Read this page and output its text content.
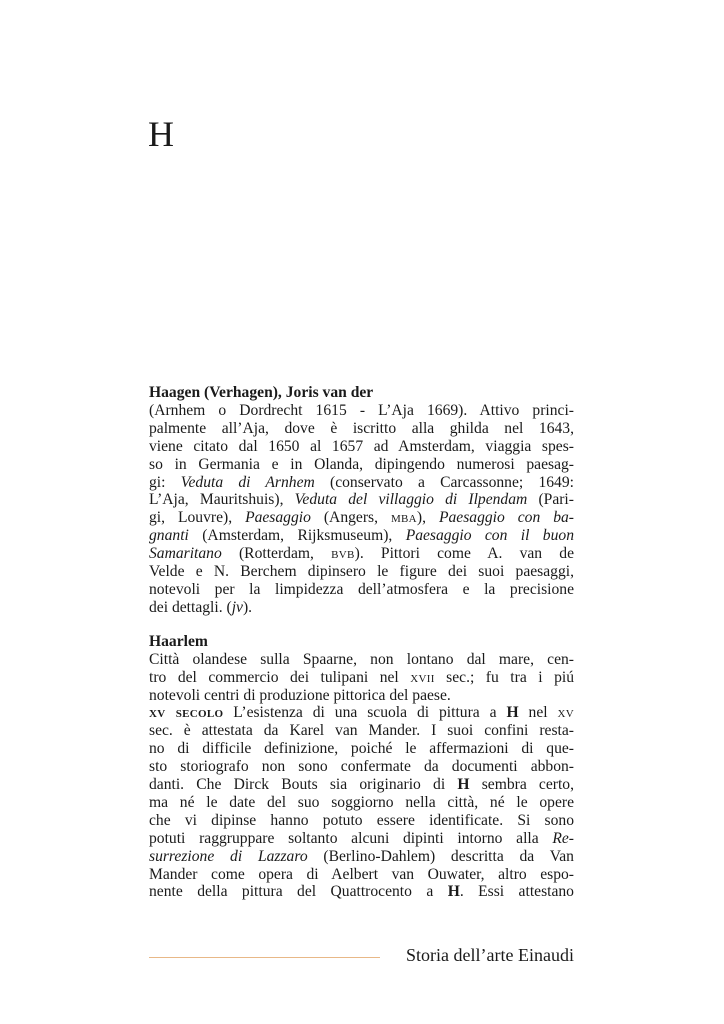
H

Haagen (Verhagen), Joris van der

(Arnhem o Dordrecht 1615 - L’Aja 1669). Attivo princi-
palmente all’Aja, dove è iscritto alla ghilda nel 1643,
viene citato dal 1650 al 1657 ad Amsterdam, viaggia spes-
so in Germania e in Olanda, dipingendo numerosi paesag-
gi: Veduta di Arnhem (conservato a Carcassonne; 1649:
L’Aja, Mauritshuis), Veduta del villaggio di Ilpendam (Pari-
gi, Louvre), Paesaggio (Angers, mba), Paesaggio con ba-
gnanti (Amsterdam, Rijksmuseum), Paesaggio con il buon
Samaritano (Rotterdam, bvb). Pittori come A. van de
Velde e N. Berchem dipinsero le figure dei suoi paesaggi,
notevoli per la limpidezza dell’atmosfera e la precisione
dei dettagli. (jv).

Haarlem

Città olandese sulla Spaarne, non lontano dal mare, cen-
tro del commercio dei tulipani nel xvii sec.; fu tra i piú
notevoli centri di produzione pittorica del paese.
xv secolo L’esistenza di una scuola di pittura a H nel xv
sec. è attestata da Karel van Mander. I suoi confini resta-
no di difficile definizione, poiché le affermazioni di que-
sto storiografo non sono confermate da documenti abbon-
danti. Che Dirck Bouts sia originario di H sembra certo,
ma né le date del suo soggiorno nella città, né le opere
che vi dipinse hanno potuto essere identificate. Si sono
potuti raggruppare soltanto alcuni dipinti intorno alla Re-
surrezione di Lazzaro (Berlino-Dahlem) descritta da Van
Mander come opera di Aelbert van Ouwater, altro espo-
nente della pittura del Quattrocento a H. Essi attestano
Storia dell’arte Einaudi
